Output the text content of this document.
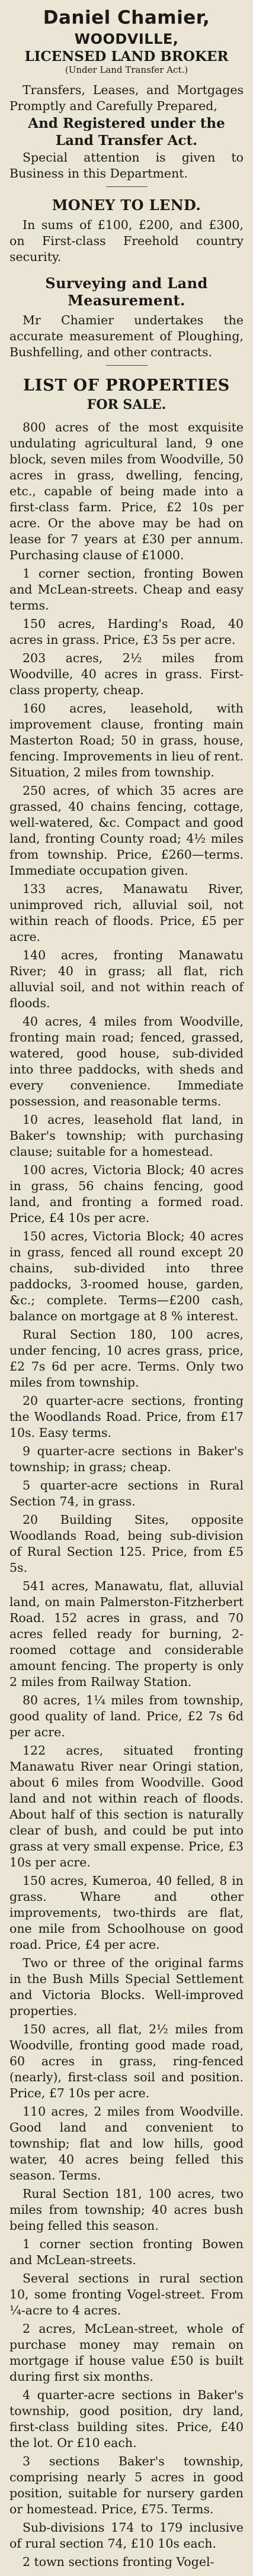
Daniel Chamier,
WOODVILLE,
LICENSED LAND BROKER
(Under Land Transfer Act.)

Transfers, Leases, and Mortgages Promptly and Carefully Prepared,

And Registered under the
Land Transfer Act.

Special attention is given to Business in this Department.

MONEY TO LEND.

In sums of £100, £200, and £300, on First-class Freehold country security.

Surveying and Land Measurement.

Mr Chamier undertakes the accurate measurement of Ploughing, Bushfelling, and other contracts.

LIST OF PROPERTIES
FOR SALE.

800 acres of the most exquisite undulating agricultural land, 9 one block, seven miles from Woodville, 50 acres in grass, dwelling, fencing, etc., capable of being made into a first-class farm. Price, £2 10s per acre. Or the above may be had on lease for 7 years at £30 per annum. Purchasing clause of £1000.

1 corner section, fronting Bowen and McLean-streets. Cheap and easy terms.

150 acres, Harding's Road, 40 acres in grass. Price, £3 5s per acre.

203 acres, 2½ miles from Woodville, 40 acres in grass. First-class property, cheap.

160 acres, leasehold, with improvement clause, fronting main Masterton Road; 50 in grass, house, fencing. Improvements in lieu of rent. Situation, 2 miles from township.

250 acres, of which 35 acres are grassed, 40 chains fencing, cottage, well-watered, &c. Compact and good land, fronting County road; 4½ miles from township. Price, £260—terms. Immediate occupation given.

133 acres, Manawatu River, unimproved rich, alluvial soil, not within reach of floods. Price, £5 per acre.

140 acres, fronting Manawatu River; 40 in grass; all flat, rich alluvial soil, and not within reach of floods.

40 acres, 4 miles from Woodville, fronting main road; fenced, grassed, watered, good house, sub-divided into three paddocks, with sheds and every convenience. Immediate possession, and reasonable terms.

10 acres, leasehold flat land, in Baker's township; with purchasing clause; suitable for a homestead.

100 acres, Victoria Block; 40 acres in grass, 56 chains fencing, good land, and fronting a formed road. Price, £4 10s per acre.

150 acres, Victoria Block; 40 acres in grass, fenced all round except 20 chains, sub-divided into three paddocks, 3-roomed house, garden, &c.; complete. Terms—£200 cash, balance on mortgage at 8 % interest.

Rural Section 180, 100 acres, under fencing, 10 acres grass, price, £2 7s 6d per acre. Terms. Only two miles from township.

20 quarter-acre sections, fronting the Woodlands Road. Price, from £17 10s. Easy terms.

9 quarter-acre sections in Baker's township; in grass; cheap.

5 quarter-acre sections in Rural Section 74, in grass.

20 Building Sites, opposite Woodlands Road, being sub-division of Rural Section 125. Price, from £5 5s.

541 acres, Manawatu, flat, alluvial land, on main Palmerston-Fitzherbert Road. 152 acres in grass, and 70 acres felled ready for burning, 2-roomed cottage and considerable amount fencing. The property is only 2 miles from Railway Station.

80 acres, 1¼ miles from township, good quality of land. Price, £2 7s 6d per acre.

122 acres, situated fronting Manawatu River near Oringi station, about 6 miles from Woodville. Good land and not within reach of floods. About half of this section is naturally clear of bush, and could be put into grass at very small expense. Price, £3 10s per acre.

150 acres, Kumeroa, 40 felled, 8 in grass. Whare and other improvements, two-thirds are flat, one mile from Schoolhouse on good road. Price, £4 per acre.

Two or three of the original farms in the Bush Mills Special Settlement and Victoria Blocks. Well-improved properties.

150 acres, all flat, 2½ miles from Woodville, fronting good made road, 60 acres in grass, ring-fenced (nearly), first-class soil and position. Price, £7 10s per acre.

110 acres, 2 miles from Woodville. Good land and convenient to township; flat and low hills, good water, 40 acres being felled this season. Terms.

Rural Section 181, 100 acres, two miles from township; 40 acres bush being felled this season.

1 corner section fronting Bowen and McLean-streets.

Several sections in rural section 10, some fronting Vogel-street. From ¼-acre to 4 acres.

2 acres, McLean-street, whole of purchase money may remain on mortgage if house value £50 is built during first six months.

4 quarter-acre sections in Baker's township, good position, dry land, first-class building sites. Price, £40 the lot. Or £10 each.

3 sections Baker's township, comprising nearly 5 acres in good position, suitable for nursery garden or homestead. Price, £75. Terms.

Sub-divisions 174 to 179 inclusive of rural section 74, £10 10s each.

2 town sections fronting Vogel-
